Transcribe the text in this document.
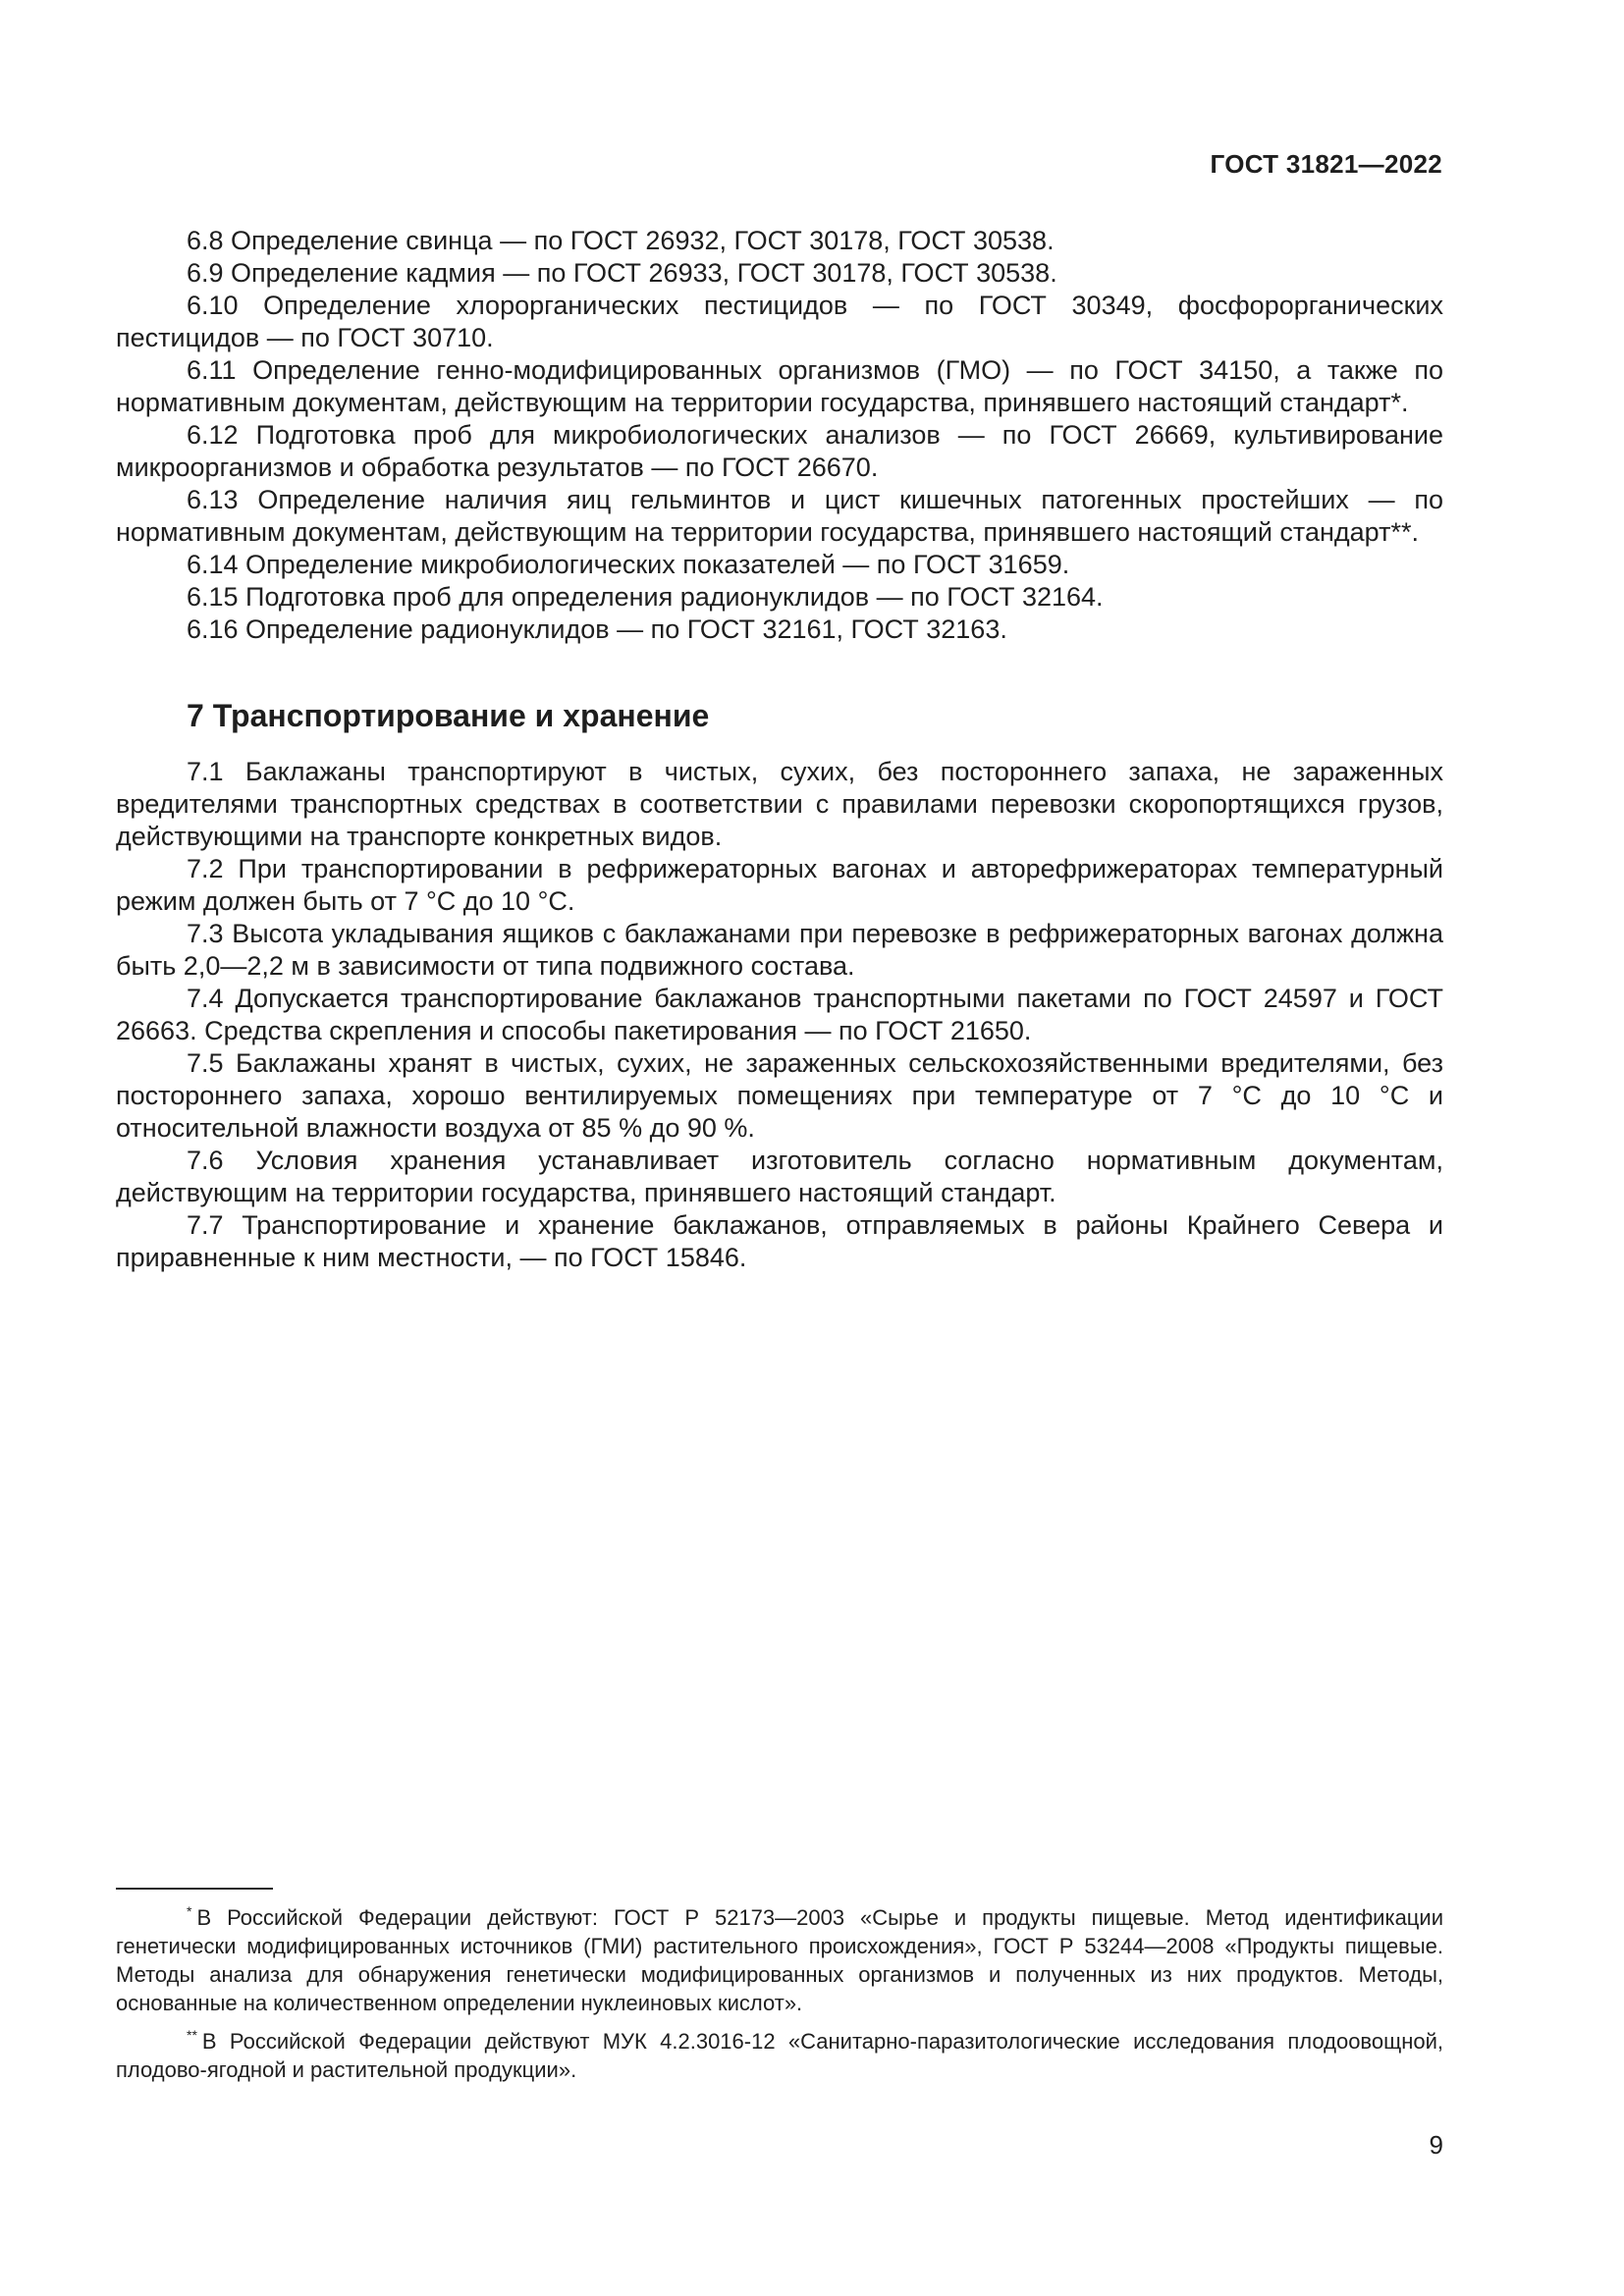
ГОСТ 31821—2022

6.8 Определение свинца — по ГОСТ 26932, ГОСТ 30178, ГОСТ 30538.

6.9 Определение кадмия — по ГОСТ 26933, ГОСТ 30178, ГОСТ 30538.

6.10 Определение хлорорганических пестицидов — по ГОСТ 30349, фосфорорганических пестицидов — по ГОСТ 30710.

6.11 Определение генно-модифицированных организмов (ГМО) — по ГОСТ 34150, а также по нормативным документам, действующим на территории государства, принявшего настоящий стандарт*.

6.12 Подготовка проб для микробиологических анализов — по ГОСТ 26669, культивирование микроорганизмов и обработка результатов — по ГОСТ 26670.

6.13 Определение наличия яиц гельминтов и цист кишечных патогенных простейших — по нормативным документам, действующим на территории государства, принявшего настоящий стандарт**.

6.14 Определение микробиологических показателей — по ГОСТ 31659.

6.15 Подготовка проб для определения радионуклидов — по ГОСТ 32164.

6.16 Определение радионуклидов — по ГОСТ 32161, ГОСТ 32163.

7 Транспортирование и хранение

7.1 Баклажаны транспортируют в чистых, сухих, без постороннего запаха, не зараженных вредителями транспортных средствах в соответствии с правилами перевозки скоропортящихся грузов, действующими на транспорте конкретных видов.

7.2 При транспортировании в рефрижераторных вагонах и авторефрижераторах температурный режим должен быть от 7 °С до 10 °С.

7.3 Высота укладывания ящиков с баклажанами при перевозке в рефрижераторных вагонах должна быть 2,0—2,2 м в зависимости от типа подвижного состава.

7.4 Допускается транспортирование баклажанов транспортными пакетами по ГОСТ 24597 и ГОСТ 26663. Средства скрепления и способы пакетирования — по ГОСТ 21650.

7.5 Баклажаны хранят в чистых, сухих, не зараженных сельскохозяйственными вредителями, без постороннего запаха, хорошо вентилируемых помещениях при температуре от 7 °С до 10 °С и относительной влажности воздуха от 85 % до 90 %.

7.6 Условия хранения устанавливает изготовитель согласно нормативным документам, действующим на территории государства, принявшего настоящий стандарт.

7.7 Транспортирование и хранение баклажанов, отправляемых в районы Крайнего Севера и приравненные к ним местности, — по ГОСТ 15846.

* В Российской Федерации действуют: ГОСТ Р 52173—2003 «Сырье и продукты пищевые. Метод идентификации генетически модифицированных источников (ГМИ) растительного происхождения», ГОСТ Р 53244—2008 «Продукты пищевые. Методы анализа для обнаружения генетически модифицированных организмов и полученных из них продуктов. Методы, основанные на количественном определении нуклеиновых кислот».

** В Российской Федерации действуют МУК 4.2.3016-12 «Санитарно-паразитологические исследования плодоовощной, плодово-ягодной и растительной продукции».

9
